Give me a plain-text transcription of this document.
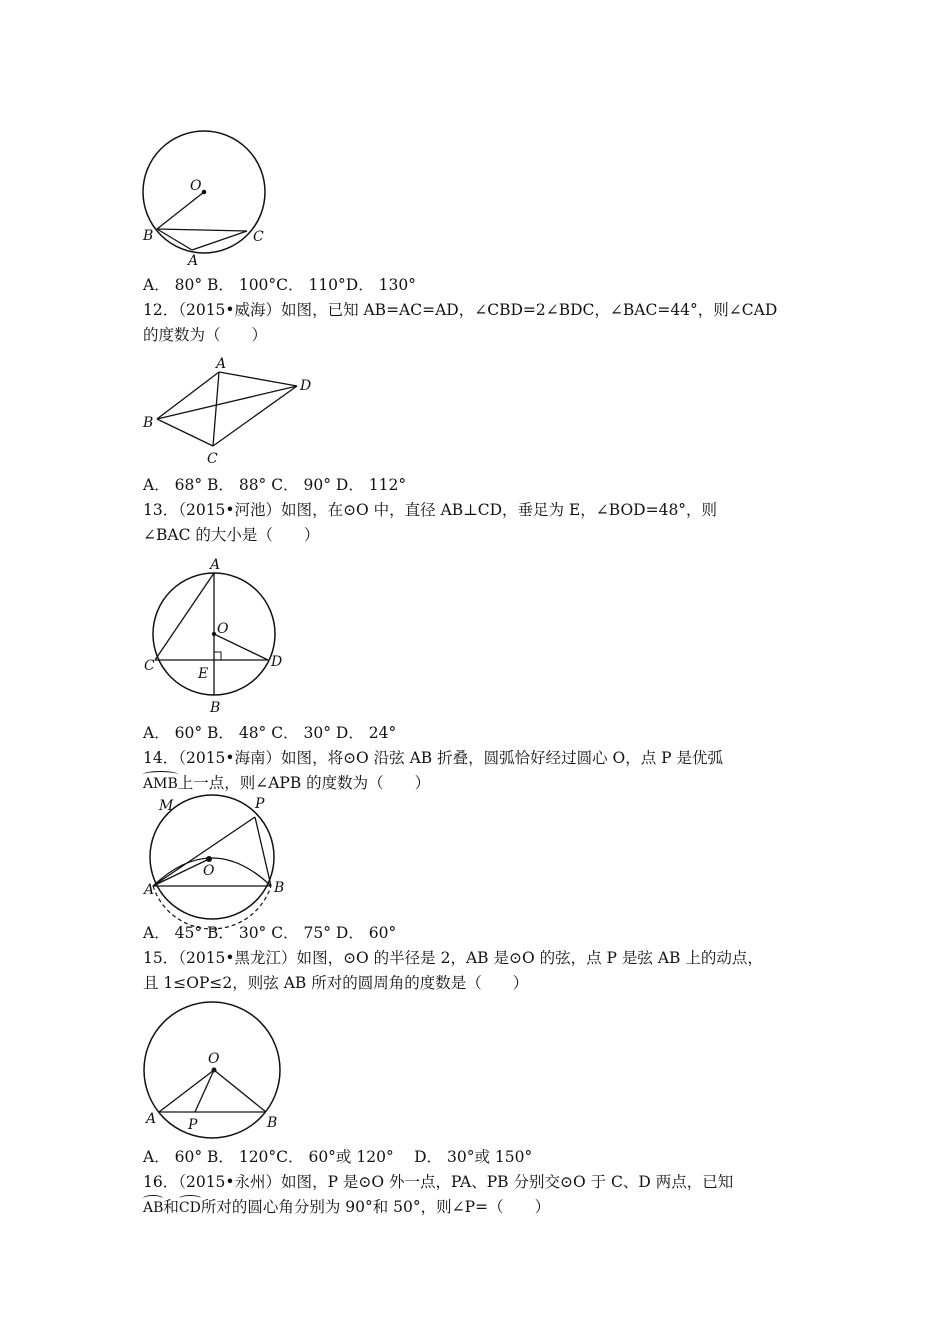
O
B	C
A
A． 80° B． 100°C． 110°D． 130°
12．（2015•威海）如图，已知 AB=AC=AD，∠CBD=2∠BDC，∠BAC=44°，则∠CAD
的度数为（　　）
A
B
C
D
A． 68° B． 88° C． 90° D． 112°
13．（2015•河池）如图，在⊙O 中，直径 AB⊥CD，垂足为 E，∠BOD=48°，则
∠BAC 的大小是（　　）
A
O
C	D
E
B
A． 60° B． 48° C． 30° D． 24°
14．（2015•海南）如图，将⊙O 沿弦 AB 折叠，圆弧恰好经过圆心 O，点 P 是优弧
AMB上一点，则∠APB 的度数为（　　）
M	P
O
A	B
A． 45° B． 30° C． 75° D． 60°
15．（2015•黑龙江）如图，⊙O 的半径是 2，AB 是⊙O 的弦，点 P 是弦 AB 上的动点，
且 1≤OP≤2，则弦 AB 所对的圆周角的度数是（　　）
O
A P	B
A． 60° B． 120°C． 60°或 120°　 D． 30°或 150°
16．（2015•永州）如图，P 是⊙O 外一点，PA、PB 分别交⊙O 于 C、D 两点，已知
AB和CD所对的圆心角分别为 90°和 50°，则∠P=（　　）
